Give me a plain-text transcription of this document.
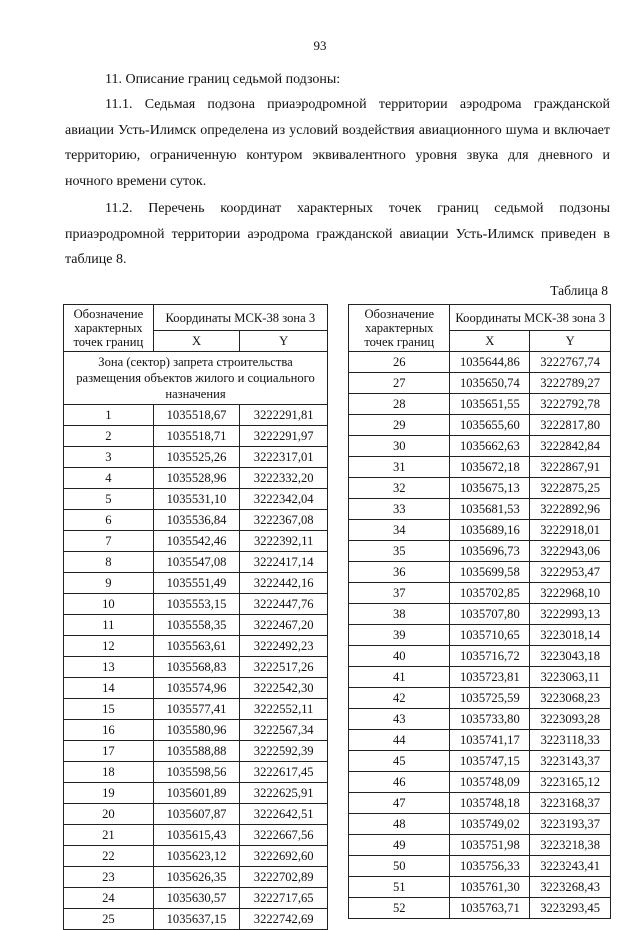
93
11. Описание границ седьмой подзоны:
11.1. Седьмая подзона приаэродромной территории аэродрома гражданской авиации Усть-Илимск определена из условий воздействия авиационного шума и включает территорию, ограниченную контуром эквивалентного уровня звука для дневного и ночного времени суток.
11.2. Перечень координат характерных точек границ седьмой подзоны приаэродромной территории аэродрома гражданской авиации Усть-Илимск приведен в таблице 8.
Таблица 8
Обозначение характерных точек границ	Координаты МСК-38 зона 3	
	X	Y
Зона (сектор) запрета строительства размещения объектов жилого и социального назначения		
1	1035518,67	3222291,81
2	1035518,71	3222291,97
3	1035525,26	3222317,01
4	1035528,96	3222332,20
5	1035531,10	3222342,04
6	1035536,84	3222367,08
7	1035542,46	3222392,11
8	1035547,08	3222417,14
9	1035551,49	3222442,16
10	1035553,15	3222447,76
11	1035558,35	3222467,20
12	1035563,61	3222492,23
13	1035568,83	3222517,26
14	1035574,96	3222542,30
15	1035577,41	3222552,11
16	1035580,96	3222567,34
17	1035588,88	3222592,39
18	1035598,56	3222617,45
19	1035601,89	3222625,91
20	1035607,87	3222642,51
21	1035615,43	3222667,56
22	1035623,12	3222692,60
23	1035626,35	3222702,89
24	1035630,57	3222717,65
25	1035637,15	3222742,69
Обозначение характерных точек границ	Координаты МСК-38 зона 3	
	X	Y
26	1035644,86	3222767,74
27	1035650,74	3222789,27
28	1035651,55	3222792,78
29	1035655,60	3222817,80
30	1035662,63	3222842,84
31	1035672,18	3222867,91
32	1035675,13	3222875,25
33	1035681,53	3222892,96
34	1035689,16	3222918,01
35	1035696,73	3222943,06
36	1035699,58	3222953,47
37	1035702,85	3222968,10
38	1035707,80	3222993,13
39	1035710,65	3223018,14
40	1035716,72	3223043,18
41	1035723,81	3223063,11
42	1035725,59	3223068,23
43	1035733,80	3223093,28
44	1035741,17	3223118,33
45	1035747,15	3223143,37
46	1035748,09	3223165,12
47	1035748,18	3223168,37
48	1035749,02	3223193,37
49	1035751,98	3223218,38
50	1035756,33	3223243,41
51	1035761,30	3223268,43
52	1035763,71	3223293,45
